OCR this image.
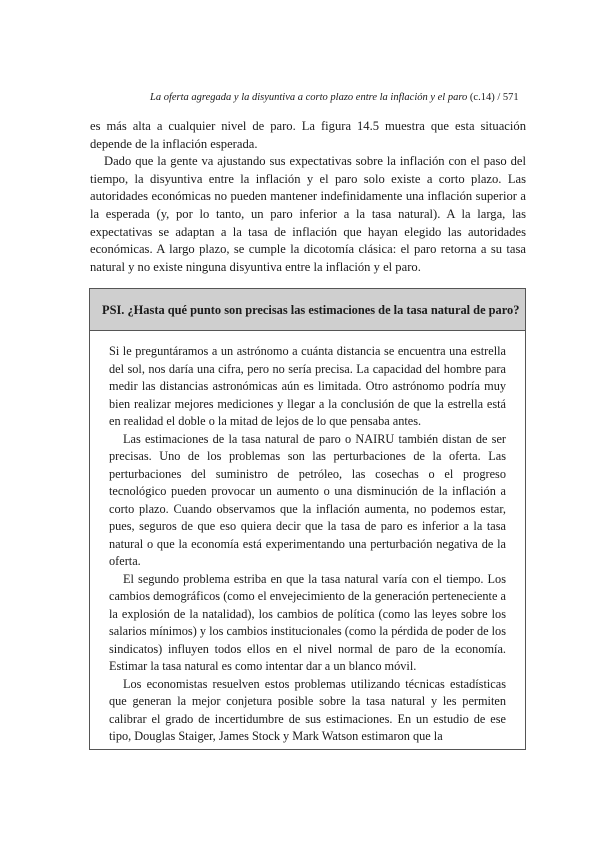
La oferta agregada y la disyuntiva a corto plazo entre la inflación y el paro (c.14) / 571

es más alta a cualquier nivel de paro. La figura 14.5 muestra que esta situación depende de la inflación esperada.

Dado que la gente va ajustando sus expectativas sobre la inflación con el paso del tiempo, la disyuntiva entre la inflación y el paro solo existe a corto plazo. Las autoridades económicas no pueden mantener indefinidamente una inflación superior a la esperada (y, por lo tanto, un paro inferior a la tasa natural). A la larga, las expectativas se adaptan a la tasa de inflación que hayan elegido las autoridades económicas. A largo plazo, se cumple la dicotomía clásica: el paro retorna a su tasa natural y no existe ninguna disyuntiva entre la inflación y el paro.

PSI. ¿Hasta qué punto son precisas las estimaciones de la tasa natural de paro?

Si le preguntáramos a un astrónomo a cuánta distancia se encuentra una estrella del sol, nos daría una cifra, pero no sería precisa. La capacidad del hombre para medir las distancias astronómicas aún es limitada. Otro astrónomo podría muy bien realizar mejores mediciones y llegar a la conclusión de que la estrella está en realidad el doble o la mitad de lejos de lo que pensaba antes.

Las estimaciones de la tasa natural de paro o NAIRU también distan de ser precisas. Uno de los problemas son las perturbaciones de la oferta. Las perturbaciones del suministro de petróleo, las cosechas o el progreso tecnológico pueden provocar un aumento o una disminución de la inflación a corto plazo. Cuando observamos que la inflación aumenta, no podemos estar, pues, seguros de que eso quiera decir que la tasa de paro es inferior a la tasa natural o que la economía está experimentando una perturbación negativa de la oferta.

El segundo problema estriba en que la tasa natural varía con el tiempo. Los cambios demográficos (como el envejecimiento de la generación perteneciente a la explosión de la natalidad), los cambios de política (como las leyes sobre los salarios mínimos) y los cambios institucionales (como la pérdida de poder de los sindicatos) influyen todos ellos en el nivel normal de paro de la economía. Estimar la tasa natural es como intentar dar a un blanco móvil.

Los economistas resuelven estos problemas utilizando técnicas estadísticas que generan la mejor conjetura posible sobre la tasa natural y les permiten calibrar el grado de incertidumbre de sus estimaciones. En un estudio de ese tipo, Douglas Staiger, James Stock y Mark Watson estimaron que la
